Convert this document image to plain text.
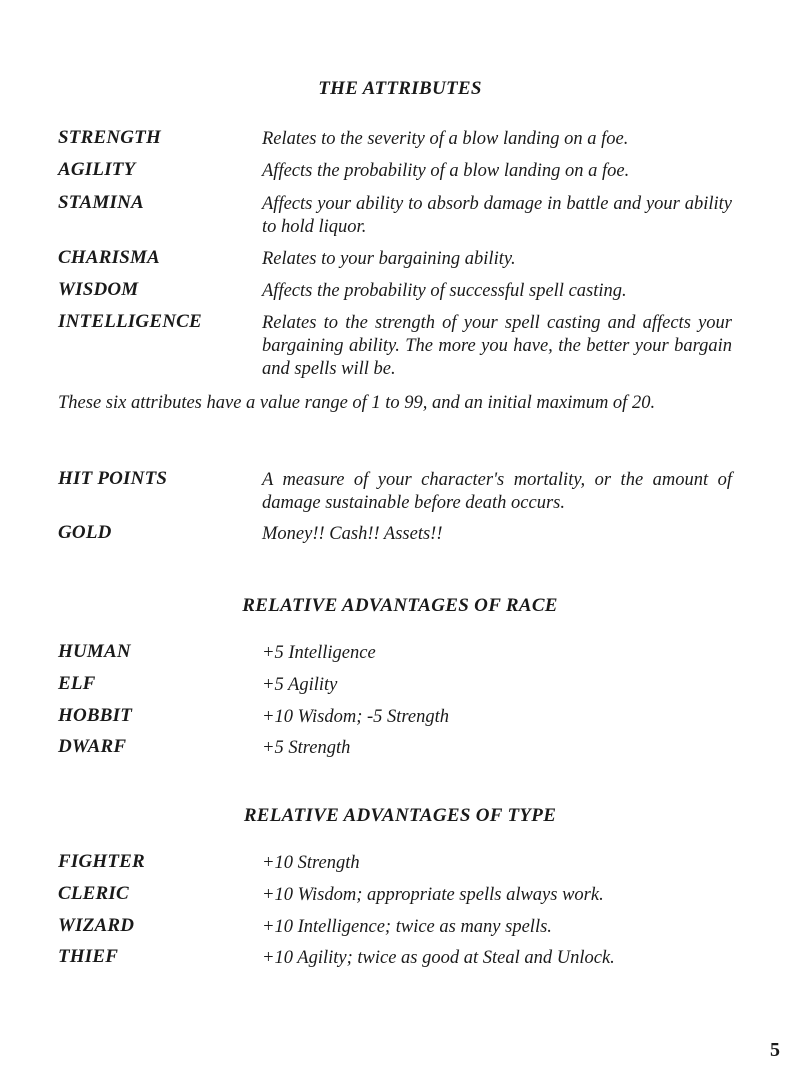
THE ATTRIBUTES
STRENGTH	Relates to the severity of a blow landing on a foe.
AGILITY	Affects the probability of a blow landing on a foe.
STAMINA	Affects your ability to absorb damage in battle and your ability to hold liquor.
CHARISMA	Relates to your bargaining ability.
WISDOM	Affects the probability of successful spell casting.
INTELLIGENCE	Relates to the strength of your spell casting and affects your bargaining ability. The more you have, the better your bargain and spells will be.
These six attributes have a value range of 1 to 99, and an initial maximum of 20.
HIT POINTS	A measure of your character's mortality, or the amount of damage sustainable before death occurs.
GOLD	Money!! Cash!! Assets!!
RELATIVE ADVANTAGES OF RACE
HUMAN	+5 Intelligence
ELF	+5 Agility
HOBBIT	+10 Wisdom; -5 Strength
DWARF	+5 Strength
RELATIVE ADVANTAGES OF TYPE
FIGHTER	+10 Strength
CLERIC	+10 Wisdom; appropriate spells always work.
WIZARD	+10 Intelligence; twice as many spells.
THIEF	+10 Agility; twice as good at Steal and Unlock.
5
